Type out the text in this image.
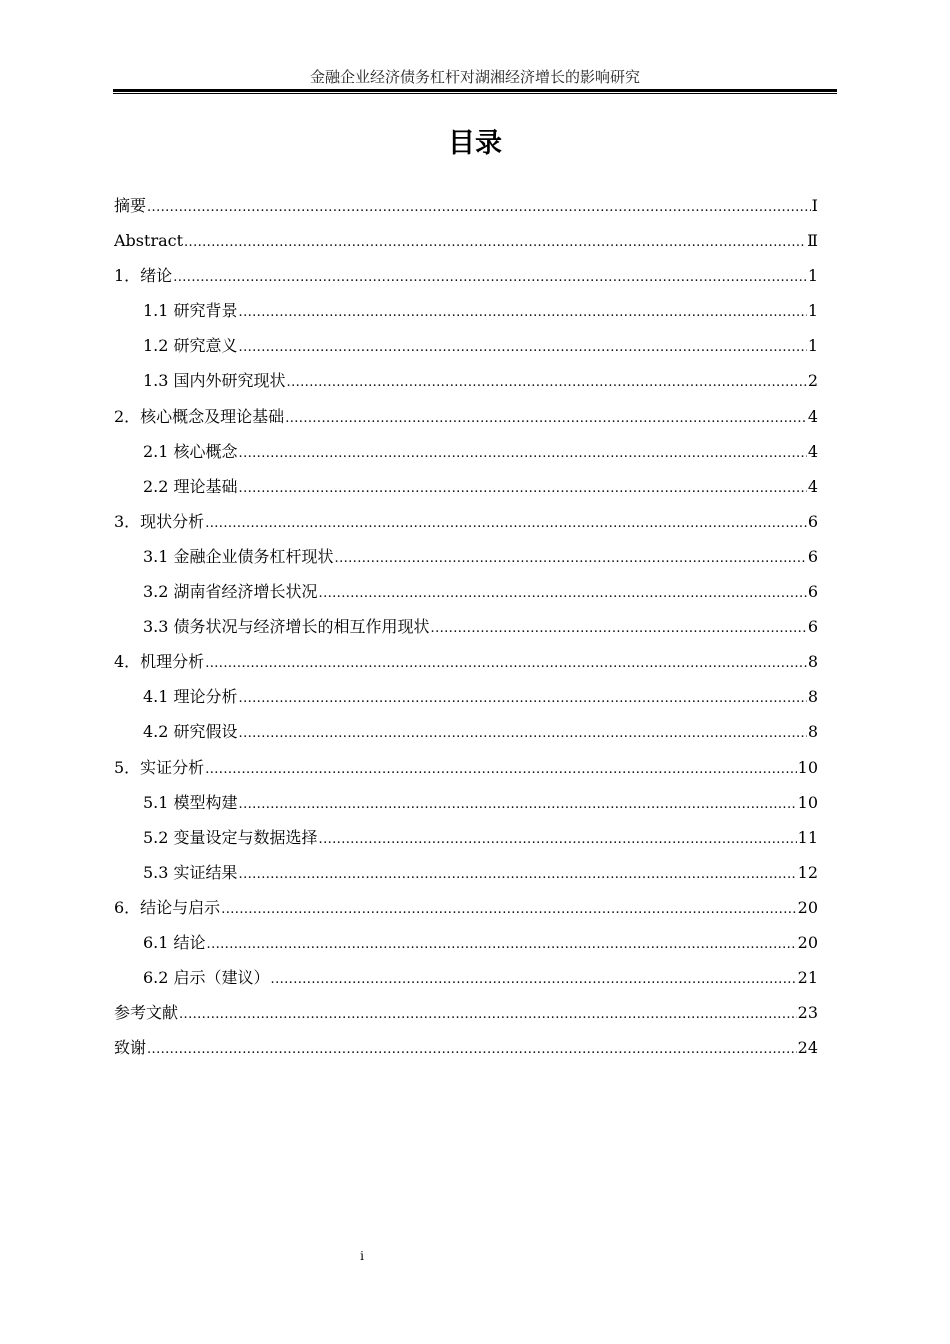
金融企业经济债务杠杆对湖湘经济增长的影响研究
目录
摘要 .....	I
Abstract .....	Ⅱ
1．绪论 .....	1
1.1 研究背景 .....	1
1.2 研究意义 .....	1
1.3 国内外研究现状 .....	2
2．核心概念及理论基础 .....	4
2.1 核心概念 .....	4
2.2 理论基础 .....	4
3．现状分析 .....	6
3.1 金融企业债务杠杆现状 .....	6
3.2 湖南省经济增长状况 .....	6
3.3 债务状况与经济增长的相互作用现状 .....	6
4．机理分析 .....	8
4.1 理论分析 .....	8
4.2 研究假设 .....	8
5．实证分析 .....	10
5.1 模型构建 .....	10
5.2 变量设定与数据选择 .....	11
5.3 实证结果 .....	12
6．结论与启示 .....	20
6.1 结论 .....	20
6.2 启示（建议） .....	21
参考文献 .....	23
致谢 .....	24
i
